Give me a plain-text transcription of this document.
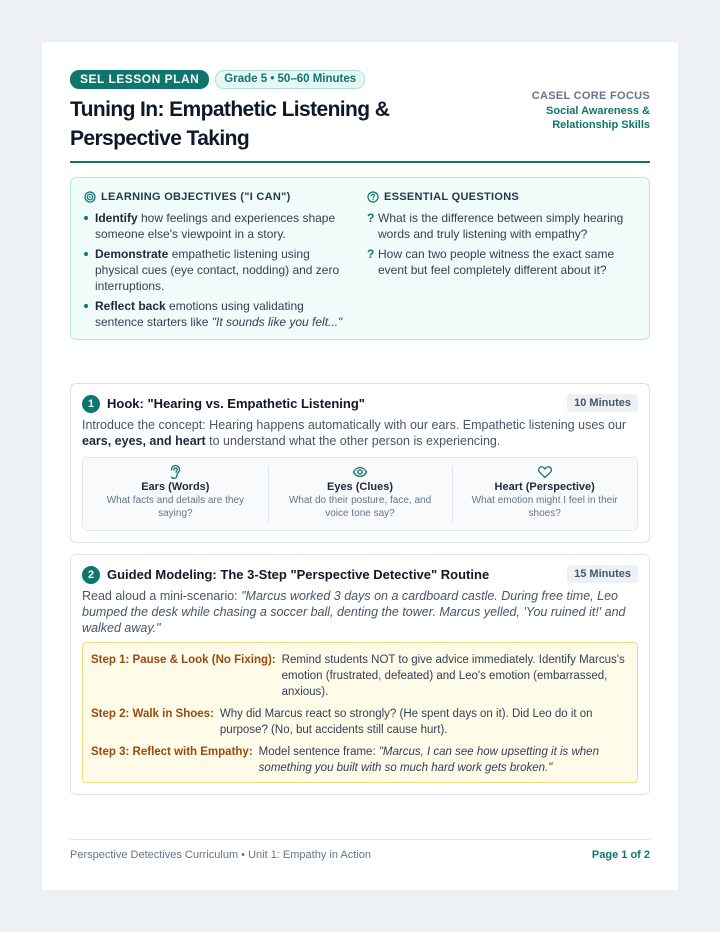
SEL LESSON PLAN	Grade 5 • 50–60 Minutes
Tuning In: Empathetic Listening &
Perspective Taking
CASEL CORE FOCUS
Social Awareness &
Relationship Skills
LEARNING OBJECTIVES ("I CAN")
Identify how feelings and experiences shape someone else's viewpoint in a story.
Demonstrate empathetic listening using physical cues (eye contact, nodding) and zero interruptions.
Reflect back emotions using validating sentence starters like "It sounds like you felt..."
ESSENTIAL QUESTIONS
? What is the difference between simply hearing words and truly listening with empathy?
? How can two people witness the exact same event but feel completely different about it?
1 Hook: "Hearing vs. Empathetic Listening"	10 Minutes

Introduce the concept: Hearing happens automatically with our ears. Empathetic listening uses our ears, eyes, and heart to understand what the other person is experiencing.

Ears (Words)
What facts and details are they saying?
Eyes (Clues)
What do their posture, face, and voice tone say?
Heart (Perspective)
What emotion might I feel in their shoes?
2 Guided Modeling: The 3-Step "Perspective Detective" Routine	15 Minutes

Read aloud a mini-scenario: "Marcus worked 3 days on a cardboard castle. During free time, Leo bumped the desk while chasing a soccer ball, denting the tower. Marcus yelled, 'You ruined it!' and walked away."

Step 1: Pause & Look (No Fixing): Remind students NOT to give advice immediately. Identify Marcus's emotion (frustrated, defeated) and Leo's emotion (embarrassed, anxious).
Step 2: Walk in Shoes: Why did Marcus react so strongly? (He spent days on it). Did Leo do it on purpose? (No, but accidents still cause hurt).
Step 3: Reflect with Empathy: Model sentence frame: "Marcus, I can see how upsetting it is when something you built with so much hard work gets broken."
Perspective Detectives Curriculum • Unit 1: Empathy in Action	Page 1 of 2
